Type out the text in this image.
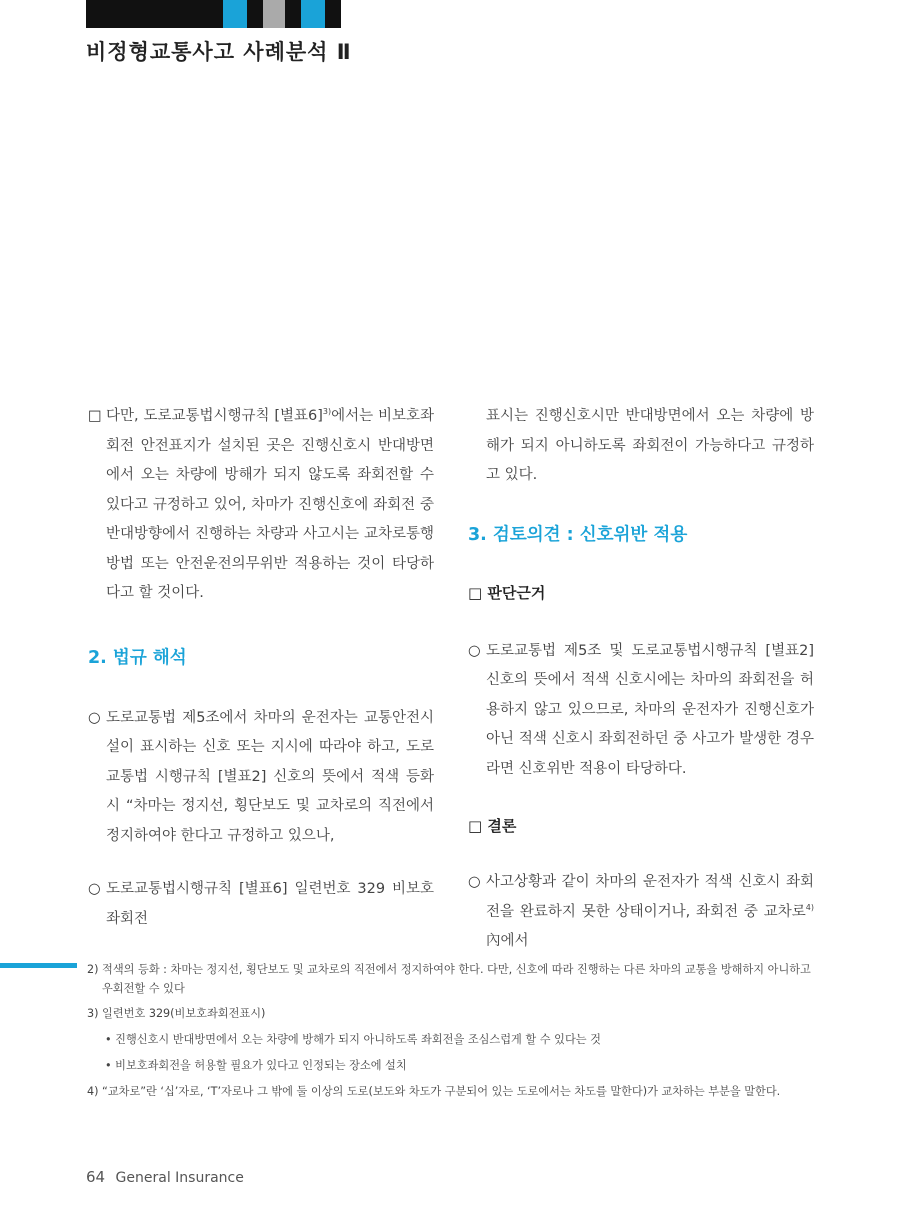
비정형교통사고 사례분석 Ⅱ
□ 다만, 도로교통법시행규칙 [별표6]$^{3)}$에서는 비보호좌회전 안전표지가 설치된 곳은 진행신호시 반대방면에서 오는 차량에 방해가 되지 않도록 좌회전할 수 있다고 규정하고 있어, 차마가 진행신호에 좌회전 중 반대방향에서 진행하는 차량과 사고시는 교차로통행방법 또는 안전운전의무위반 적용하는 것이 타당하다고 할 것이다.
2. 법규 해석
○ 도로교통법 제5조에서 차마의 운전자는 교통안전시설이 표시하는 신호 또는 지시에 따라야 하고, 도로교통법 시행규칙 [별표2] 신호의 뜻에서 적색 등화시 “차마는 정지선, 횡단보도 및 교차로의 직전에서 정지하여야 한다고 규정하고 있으나,
○ 도로교통법시행규칙 [별표6] 일련번호 329 비보호좌회전
표시는 진행신호시만 반대방면에서 오는 차량에 방해가 되지 아니하도록 좌회전이 가능하다고 규정하고 있다.
3. 검토의견 : 신호위반 적용
□ 판단근거
○ 도로교통법 제5조 및 도로교통법시행규칙 [별표2] 신호의 뜻에서 적색 신호시에는 차마의 좌회전을 허용하지 않고 있으므로, 차마의 운전자가 진행신호가 아닌 적색 신호시 좌회전하던 중 사고가 발생한 경우라면 신호위반 적용이 타당하다.
□ 결론
○ 사고상황과 같이 차마의 운전자가 적색 신호시 좌회전을 완료하지 못한 상태이거나, 좌회전 중 교차로$^{4)}$ 內에서
2) 적색의 등화 : 차마는 정지선, 횡단보도 및 교차로의 직전에서 정지하여야 한다. 다만, 신호에 따라 진행하는 다른 차마의 교통을 방해하지 아니하고 우회전할 수 있다
3) 일련번호 329(비보호좌회전표시)
• 진행신호시 반대방면에서 오는 차량에 방해가 되지 아니하도록 좌회전을 조심스럽게 할 수 있다는 것
• 비보호좌회전을 허용할 필요가 있다고 인정되는 장소에 설치
4) “교차로”란 ‘십’자로, ‘T’자로나 그 밖에 둘 이상의 도로(보도와 차도가 구분되어 있는 도로에서는 차도를 말한다)가 교차하는 부분을 말한다.
64 General Insurance
